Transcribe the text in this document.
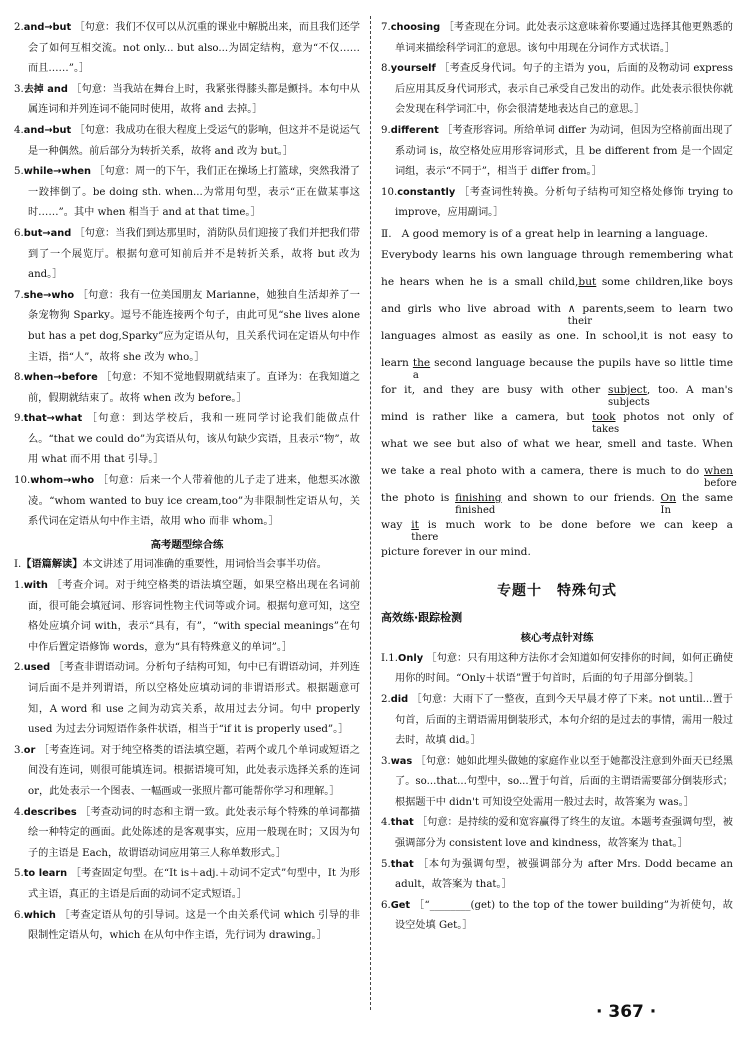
2.and→but ［句意：我们不仅可以从沉重的课业中解脱出来，而且我们还学会了如何互相交流。not only... but also...为固定结构，意为“不仅……而且……”。］

3.去掉 and ［句意：当我站在舞台上时，我紧张得膝头都是颤抖。本句中从属连词和并列连词不能同时使用，故将 and 去掉。］

4.and→but ［句意：我成功在很大程度上受运气的影响，但这并不是说运气是一种偶然。前后部分为转折关系，故将 and 改为 but。］

5.while→when ［句意：周一的下午，我们正在操场上打篮球，突然我滑了一跤摔倒了。be doing sth. when...为常用句型，表示“正在做某事这时……”。其中 when 相当于 and at that time。］

6.but→and ［句意：当我们到达那里时，消防队员们迎接了我们并把我们带到了一个展览厅。根据句意可知前后并不是转折关系，故将 but 改为 and。］

7.she→who ［句意：我有一位美国朋友 Marianne，她独自生活却养了一条宠物狗 Sparky。逗号不能连接两个句子，由此可见“she lives alone but has a pet dog,Sparky”应为定语从句，且关系代词在定语从句中作主语，指“人”，故将 she 改为 who。］

8.when→before ［句意：不知不觉地假期就结束了。直译为：在我知道之前，假期就结束了。故将 when 改为 before。］

9.that→what ［句意：到达学校后，我和一班同学讨论我们能做点什么。“that we could do”为宾语从句，该从句缺少宾语，且表示“物”，故用 what 而不用 that 引导。］

10.whom→who ［句意：后来一个人带着他的儿子走了进来，他想买冰激凌。“whom wanted to buy ice cream,too”为非限制性定语从句，关系代词在定语从句中作主语，故用 who 而非 whom。］

高考题型综合练

Ⅰ.【语篇解读】本文讲述了用词准确的重要性，用词恰当会事半功倍。

1.with ［考查介词。对于纯空格类的语法填空题，如果空格出现在名词前面，很可能会填冠词、形容词性物主代词等或介词。根据句意可知，这空格处应填介词 with，表示“具有，有”，“with special meanings”在句中作后置定语修饰 words，意为“具有特殊意义的单词”。］

2.used ［考查非谓语动词。分析句子结构可知，句中已有谓语动词，并列连词后面不是并列谓语，所以空格处应填动词的非谓语形式。根据题意可知，A word 和 use 之间为动宾关系，故用过去分词。句中 properly used 为过去分词短语作条件状语，相当于“if it is properly used”。］

3.or ［考查连词。对于纯空格类的语法填空题，若两个或几个单词或短语之间没有连词，则很可能填连词。根据语境可知，此处表示选择关系的连词 or，此处表示一个图表、一幅画或一张照片都可能帮你学习和理解。］

4.describes ［考查动词的时态和主谓一致。此处表示每个特殊的单词都描绘一种特定的画面。此处陈述的是客观事实，应用一般现在时；又因为句子的主语是 Each，故谓语动词应用第三人称单数形式。］

5.to learn ［考查固定句型。在“It is＋adj.＋动词不定式”句型中，It 为形式主语，真正的主语是后面的动词不定式短语。］

6.which ［考查定语从句的引导词。这是一个由关系代词 which 引导的非限制性定语从句，which 在从句中作主语，先行词为 drawing。］

7.choosing ［考查现在分词。此处表示这意味着你要通过选择其他更熟悉的单词来描绘科学词汇的意思。该句中用现在分词作方式状语。］

8.yourself ［考查反身代词。句子的主语为 you，后面的及物动词 express 后应用其反身代词形式，表示自己承受自己发出的动作。此处表示很快你就会发现在科学词汇中，你会很清楚地表达自己的意思。］

9.different ［考查形容词。所给单词 differ 为动词，但因为空格前面出现了系动词 is，故空格处应用形容词形式，且 be different from 是一个固定词组，表示“不同于”，相当于 differ from。］

10.constantly ［考查词性转换。分析句子结构可知空格处修饰 trying to improve，应用副词。］

Ⅱ. A good memory is of a great help in learning a language.
Everybody learns his own language through remembering what
he hears when he is a small child,but some children,like boys
and girls who live abroad with ∧
their
parents,seem to learn two
languages almost as easily as one. In school,it is not easy to
learn the
a
second language because the pupils have so little time
for it, and they are busy with other subject
subjects
, too. A man's
mind is rather like a camera, but took
takes
photos not only of
what we see but also of what we hear, smell and taste. When
we take a real photo with a camera, there is much to do when
before
the photo is finishing
finished
and shown to our friends. $\frac{On}{In}$ the same
way it
there
is much work to be done before we can keep a
picture forever in our mind.

专题十　特殊句式

高效练·跟踪检测

核心考点针对练

Ⅰ.1.Only ［句意：只有用这种方法你才会知道如何安排你的时间，如何正确使用你的时间。“Only＋状语”置于句首时，后面的句子用部分倒装。］

2.did ［句意：大雨下了一整夜，直到今天早晨才停了下来。not until...置于句首，后面的主谓语需用倒装形式，本句介绍的是过去的事情，需用一般过去时，故填 did。］

3.was ［句意：她如此埋头做她的家庭作业以至于她都没注意到外面天已经黑了。so...that...句型中，so...置于句首，后面的主谓语需要部分倒装形式；根据题干中 didn't 可知设空处需用一般过去时，故答案为 was。］

4.that ［句意：是持续的爱和宽容赢得了终生的友谊。本题考查强调句型，被强调部分为 consistent love and kindness，故答案为 that。］

5.that ［本句为强调句型，被强调部分为 after Mrs. Dodd became an adult，故答案为 that。］

6.Get ［“________(get) to the top of the tower building”为祈使句，故设空处填 Get。］

· 367 ·
